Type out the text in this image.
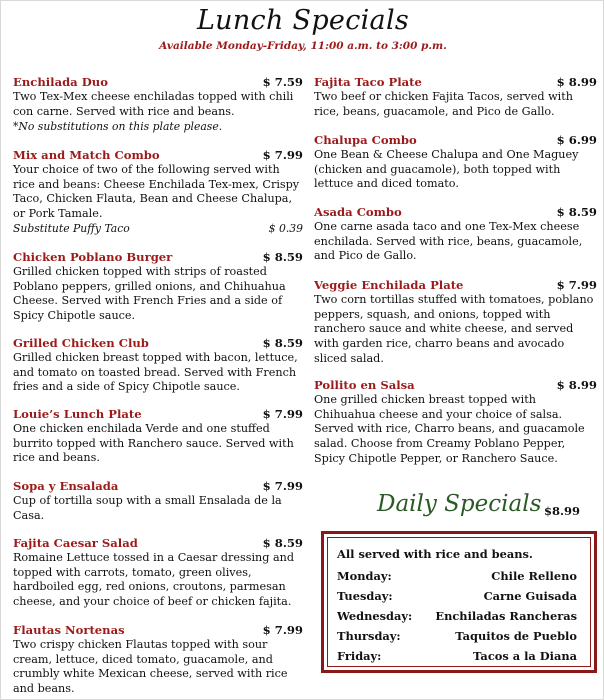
Lunch Specials
Available Monday-Friday, 11:00 a.m. to 3:00 p.m.
Enchilada Duo	$ 7.59
Two Tex-Mex cheese enchiladas topped with chili con carne. Served with rice and beans.
*No substitutions on this plate please.
Mix and Match Combo	$ 7.99
Your choice of two of the following served with rice and beans: Cheese Enchilada Tex-mex, Crispy Taco, Chicken Flauta, Bean and Cheese Chalupa, or Pork Tamale.
Substitute Puffy Taco	$ 0.39
Chicken Poblano Burger	$ 8.59
Grilled chicken topped with strips of roasted Poblano peppers, grilled onions, and Chihuahua Cheese. Served with French Fries and a side of Spicy Chipotle sauce.
Grilled Chicken Club	$ 8.59
Grilled chicken breast topped with bacon, lettuce, and tomato on toasted bread. Served with French fries and a side of Spicy Chipotle sauce.
Louie’s Lunch Plate	$ 7.99
One chicken enchilada Verde and one stuffed burrito topped with Ranchero sauce. Served with rice and beans.
Sopa y Ensalada	$ 7.99
Cup of tortilla soup with a small Ensalada de la Casa.
Fajita Caesar Salad	$ 8.59
Romaine Lettuce tossed in a Caesar dressing and topped with carrots, tomato, green olives, hardboiled egg, red onions, croutons, parmesan cheese, and your choice of beef or chicken fajita.
Flautas Nortenas	$ 7.99
Two crispy chicken Flautas topped with sour cream, lettuce, diced tomato, guacamole, and crumbly white Mexican cheese, served with rice and beans.
Fajita Taco Plate	$ 8.99
Two beef or chicken Fajita Tacos, served with rice, beans, guacamole, and Pico de Gallo.
Chalupa Combo	$ 6.99
One Bean & Cheese Chalupa and One Maguey (chicken and guacamole), both topped with lettuce and diced tomato.
Asada Combo	$ 8.59
One carne asada taco and one Tex-Mex cheese enchilada. Served with rice, beans, guacamole, and Pico de Gallo.
Veggie Enchilada Plate	$ 7.99
Two corn tortillas stuffed with tomatoes, poblano peppers, squash, and onions, topped with ranchero sauce and white cheese, and served with garden rice, charro beans and avocado sliced salad.
Pollito en Salsa	$ 8.99
One grilled chicken breast topped with Chihuahua cheese and your choice of salsa. Served with rice, Charro beans, and guacamole salad. Choose from Creamy Poblano Pepper, Spicy Chipotle Pepper, or Ranchero Sauce.
Daily Specials $8.99
All served with rice and beans.
Monday:	Chile Relleno
Tuesday:	Carne Guisada
Wednesday: Enchiladas Rancheras
Thursday:	Taquitos de Pueblo
Friday:	Tacos a la Diana
